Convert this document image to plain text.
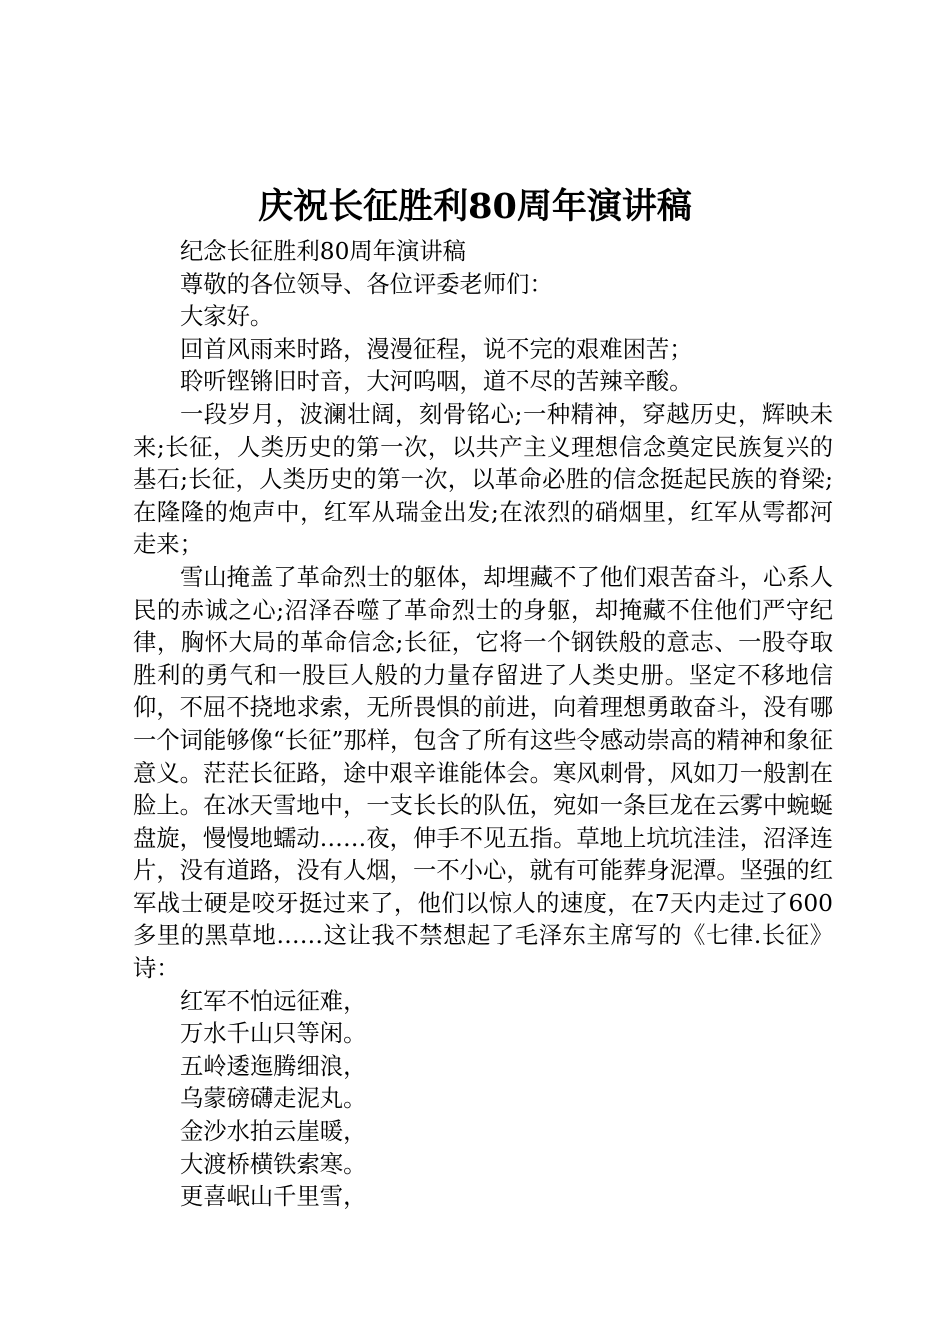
庆祝长征胜利80周年演讲稿

纪念长征胜利80周年演讲稿

尊敬的各位领导、各位评委老师们：

大家好。

回首风雨来时路，漫漫征程，说不完的艰难困苦；

聆听铿锵旧时音，大河呜咽，道不尽的苦辣辛酸。

一段岁月，波澜壮阔，刻骨铭心;一种精神，穿越历史，辉映未来;长征，人类历史的第一次，以共产主义理想信念奠定民族复兴的基石;长征，人类历史的第一次，以革命必胜的信念挺起民族的脊梁;在隆隆的炮声中，红军从瑞金出发;在浓烈的硝烟里，红军从雩都河走来；

雪山掩盖了革命烈士的躯体，却埋藏不了他们艰苦奋斗，心系人民的赤诚之心;沼泽吞噬了革命烈士的身躯，却掩藏不住他们严守纪律，胸怀大局的革命信念;长征，它将一个钢铁般的意志、一股夺取胜利的勇气和一股巨人般的力量存留进了人类史册。坚定不移地信仰，不屈不挠地求索，无所畏惧的前进，向着理想勇敢奋斗，没有哪一个词能够像“长征”那样，包含了所有这些令感动崇高的精神和象征意义。茫茫长征路，途中艰辛谁能体会。寒风刺骨，风如刀一般割在脸上。在冰天雪地中，一支长长的队伍，宛如一条巨龙在云雾中蜿蜒盘旋，慢慢地蠕动……夜，伸手不见五指。草地上坑坑洼洼，沼泽连片，没有道路，没有人烟，一不小心，就有可能葬身泥潭。坚强的红军战士硬是咬牙挺过来了，他们以惊人的速度，在7天内走过了600多里的黑草地……这让我不禁想起了毛泽东主席写的《七律.长征》诗：

红军不怕远征难，

万水千山只等闲。

五岭逶迤腾细浪，

乌蒙磅礴走泥丸。

金沙水拍云崖暖，

大渡桥横铁索寒。

更喜岷山千里雪，
